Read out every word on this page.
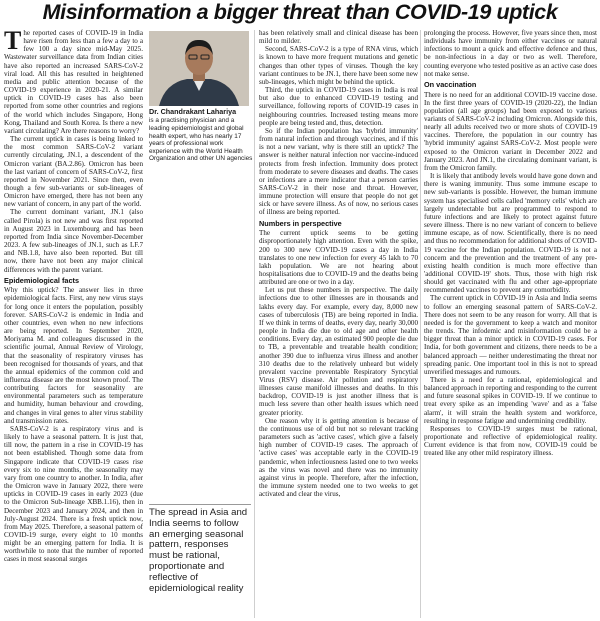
Misinformation a bigger threat than COVID-19 uptick

The reported cases of COVID-19 in India have risen from less than a few a day to a few 100 a day since mid-May 2025. Wastewater surveillance data from Indian cities have also reported an increased SARS-CoV-2 viral load. All this has resulted in heightened media and public attention because of the COVID-19 experience in 2020-21. A similar uptick in COVID-19 cases has also been reported from some other countries and regions of the world which includes Singapore, Hong Kong, Thailand and South Korea. Is there a new variant circulating? Are there reasons to worry?

The current uptick in cases is being linked to the most common SARS-CoV-2 variant currently circulating, JN.1, a descendent of the Omicron variant (BA.2.86). Omicron has been the last variant of concern of SARS-CoV-2, first reported in November 2021. Since then, even though a few sub-variants or sub-lineages of Omicron have emerged, there has not been any new variant of concern, in any part of the world.

The current dominant variant, JN.1 (also called Pirola) is not new and was first reported in August 2023 in Luxembourg and has been reported from India since November-December 2023. A few sub-lineages of JN.1, such as LF.7 and NB.1.8, have also been reported. But till now, there have not been any major clinical differences with the parent variant.

Epidemiological facts

Why this uptick? The answer lies in three epidemiological facts. First, any new virus stays for long once it enters the population, possibly forever. SARS-CoV-2 is endemic in India and other countries, even when no new infections are being reported. In September 2020, Moriyama M. and colleagues discussed in the scientific journal, Annual Review of Virology, that the seasonality of respiratory viruses has been recognised for thousands of years, and that the annual epidemics of the common cold and influenza disease are the most known proof. The contributing factors for seasonality are environmental parameters such as temperature and humidity, human behaviour and crowding, and changes in viral genes to alter virus stability and transmission rates.

SARS-CoV-2 is a respiratory virus and is likely to have a seasonal pattern. It is just that, till now, the pattern in a rise in COVID-19 has not been established. Though some data from Singapore indicate that COVID-19 cases rise every six to nine months, the seasonality may vary from one country to another. In India, after the Omicron wave in January 2022, there were upticks in COVID-19 cases in early 2023 (due to the Omicron Sub-lineage XBB.1.16), then in December 2023 and January 2024, and then in July-August 2024. There is a fresh uptick now, from May 2025. Therefore, a seasonal pattern of COVID-19 surge, every eight to 10 months might be an emerging pattern for India. It is worthwhile to note that the number of reported cases in most seasonal surges

Dr. Chandrakant Lahariya
is a practising physician and a leading epidemiologist and global health expert, who has nearly 17 years of professional work experience with the World Health Organization and other UN agencies
The spread in Asia and India seems to follow an emerging seasonal pattern, responses must be rational, proportionate and reflective of epidemiological reality

has been relatively small and clinical disease has been mild to milder.

Second, SARS-CoV-2 is a type of RNA virus, which is known to have more frequent mutations and genetic changes than other types of viruses. Though the key variant continues to be JN.1, there have been some new sub-lineages, which might be behind the uptick.

Third, the uptick in COVID-19 cases in India is real but also due to enhanced COVID-19 testing and surveillance, following reports of COVID-19 cases in neighbouring countries. Increased testing means more people are being tested and, thus, detection.

So if the Indian population has 'hybrid immunity' from natural infection and through vaccines, and if this is not a new variant, why is there still an uptick? The answer is neither natural infection nor vaccine-induced protects from fresh infection. Immunity does protect from moderate to severe diseases and deaths. The cases or infections are a mere indicator that a person carries SARS-CoV-2 in their nose and throat. However, immune protection will ensure that people do not get sick or have severe illness. As of now, no serious cases of illness are being reported.

Numbers in perspective

The current uptick seems to be getting disproportionately high attention. Even with the spike, 200 to 300 new COVID-19 cases a day in India translates to one new infection for every 45 lakh to 70 lakh population. We are not hearing about hospitalisations due to COVID-19 and the deaths being attributed are one or two in a day.

Let us put these numbers in perspective. The daily infections due to other illnesses are in thousands and lakhs every day. For example, every day, 8,000 new cases of tuberculosis (TB) are being reported in India. If we think in terms of deaths, every day, nearly 30,000 people in India die due to old age and other health conditions. Every day, an estimated 900 people die due to TB, a preventable and treatable health condition; another 390 due to influenza virus illness and another 310 deaths due to the relatively unheard but widely prevalent vaccine preventable Respiratory Syncytial Virus (RSV) disease. Air pollution and respiratory illnesses cause manifold illnesses and deaths. In this backdrop, COVID-19 is just another illness that is much less severe than other health issues which need greater priority.

One reason why it is getting attention is because of the continuous use of old but not so relevant tracking parameters such as 'active cases', which give a falsely high number of COVID-19 cases. The approach of 'active cases' was acceptable early in the COVID-19 pandemic, when infectiousness lasted one to two weeks as the virus was novel and there was no immunity against virus in people. Therefore, after the infection, the immune system needed one to two weeks to get activated and clear the virus,

prolonging the process. However, five years since then, most individuals have immunity from either vaccines or natural infections to mount a quick and effective defence and thus, be non-infectious in a day or two as well. Therefore, counting everyone who tested positive as an active case does not make sense.

On vaccination

There is no need for an additional COVID-19 vaccine dose. In the first three years of COVID-19 (2020-22), the Indian population (all age groups) had been exposed to various variants of SARS-CoV-2 including Omicron. Alongside this, nearly all adults received two or more shots of COVID-19 vaccines. Therefore, the population in our country has 'hybrid immunity' against SARS-CoV-2. Most people were exposed to the Omicron variant in December 2022 and January 2023. And JN.1, the circulating dominant variant, is from the Omicron family.

It is likely that antibody levels would have gone down and there is waning immunity. Thus some immune escape to new sub-variants is possible. However, the human immune system has specialised cells called 'memory cells' which are largely undetectable but are programmed to respond to future infections and are likely to protect against future severe illness. There is no new variant of concern to believe immune escape, as of now. Scientifically, there is no need and thus no recommendation for additional shots of COVID-19 vaccine for the Indian population. COVID-19 is not a concern and the prevention and the treatment of any pre-existing health condition is much more effective than 'additional COVID-19' shots. Thus, those with high risk should get vaccinated with flu and other age-appropriate recommended vaccines to prevent any comorbidity.

The current uptick in COVID-19 in Asia and India seems to follow an emerging seasonal pattern of SARS-CoV-2. There does not seem to be any reason for worry. All that is needed is for the government to keep a watch and monitor the trends. The infodemic and misinformation could be a bigger threat than a minor uptick in COVID-19 cases. For India, for both government and citizens, there needs to be a balanced approach — neither underestimating the threat nor spreading panic. One important tool in this is not to spread unverified messages and rumours.

There is a need for a rational, epidemiological and balanced approach in reporting and responding to the current and future seasonal spikes in COVID-19. If we continue to treat every spike as an impending 'wave' and as a 'false alarm', it will strain the health system and workforce, resulting in response fatigue and undermining credibility.

Responses to COVID-19 surges must be rational, proportionate and reflective of epidemiological reality. Current evidence is that from now, COVID-19 could be treated like any other mild respiratory illness.
